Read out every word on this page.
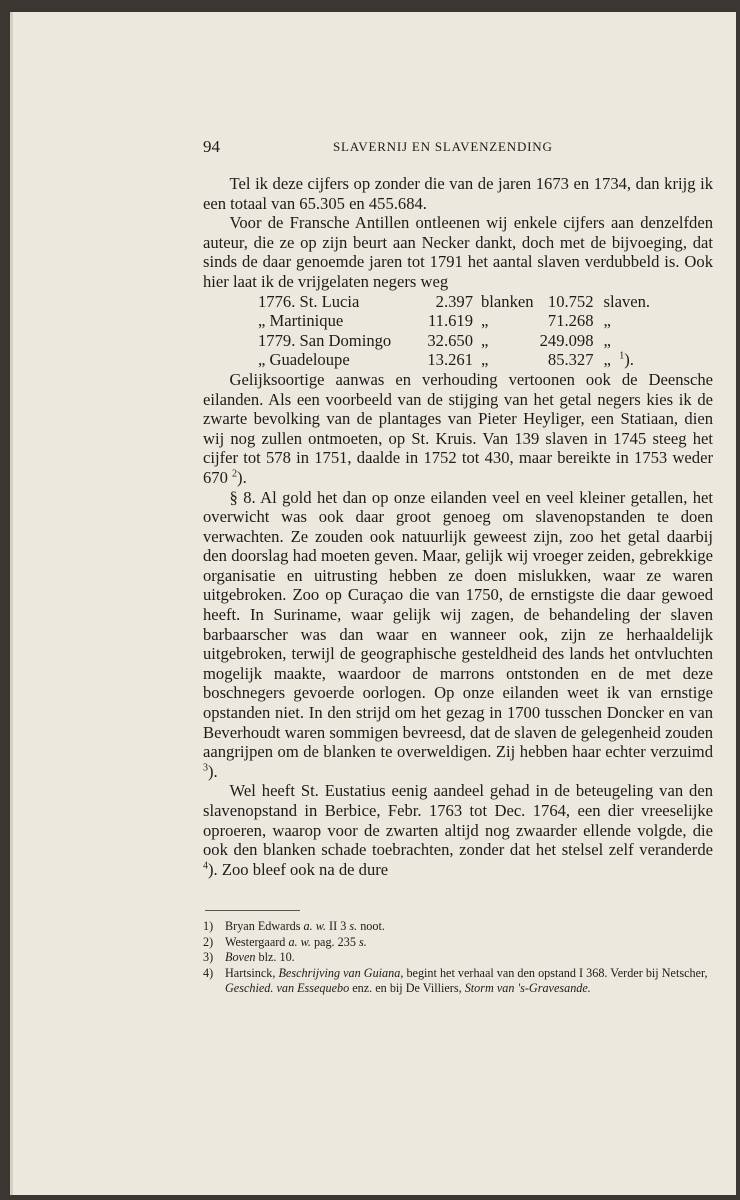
94	SLAVERNIJ EN SLAVENZENDING

Tel ik deze cijfers op zonder die van de jaren 1673 en 1734, dan krijg ik een totaal van 65.305 en 455.684.

Voor de Fransche Antillen ontleenen wij enkele cijfers aan denzelfden auteur, die ze op zijn beurt aan Necker dankt, doch met de bijvoeging, dat sinds de daar genoemde jaren tot 1791 het aantal slaven verdubbeld is. Ook hier laat ik de vrijgelaten negers weg

1776. St. Lucia	2.397	blanken	10.752	slaven.
„ Martinique	11.619	„	71.268	„
1779. San Domingo	32.650	„	249.098	„
„ Guadeloupe	13.261	„	85.327	„ $^1$).

Gelijksoortige aanwas en verhouding vertoonen ook de Deensche eilanden. Als een voorbeeld van de stijging van het getal negers kies ik de zwarte bevolking van de plantages van Pieter Heyliger, een Statiaan, dien wij nog zullen ontmoeten, op St. Kruis. Van 139 slaven in 1745 steeg het cijfer tot 578 in 1751, daalde in 1752 tot 430, maar bereikte in 1753 weder 670 $^2$).

§ 8. Al gold het dan op onze eilanden veel en veel kleiner getallen, het overwicht was ook daar groot genoeg om slavenopstanden te doen verwachten. Ze zouden ook natuurlijk geweest zijn, zoo het getal daarbij den doorslag had moeten geven. Maar, gelijk wij vroeger zeiden, gebrekkige organisatie en uitrusting hebben ze doen mislukken, waar ze waren uitgebroken. Zoo op Curaçao die van 1750, de ernstigste die daar gewoed heeft. In Suriname, waar gelijk wij zagen, de behandeling der slaven barbaarscher was dan waar en wanneer ook, zijn ze herhaaldelijk uitgebroken, terwijl de geographische gesteldheid des lands het ontvluchten mogelijk maakte, waardoor de marrons ontstonden en de met deze boschnegers gevoerde oorlogen. Op onze eilanden weet ik van ernstige opstanden niet. In den strijd om het gezag in 1700 tusschen Doncker en van Beverhoudt waren sommigen bevreesd, dat de slaven de gelegenheid zouden aangrijpen om de blanken te overweldigen. Zij hebben haar echter verzuimd $^3$).

Wel heeft St. Eustatius eenig aandeel gehad in de beteugeling van den slavenopstand in Berbice, Febr. 1763 tot Dec. 1764, een dier vreeselijke oproeren, waarop voor de zwarten altijd nog zwaarder ellende volgde, die ook den blanken schade toebrachten, zonder dat het stelsel zelf veranderde $^4$). Zoo bleef ook na de dure

1) Bryan Edwards a. w. II 3 s. noot.
2) Westergaard a. w. pag. 235 s.
3) Boven blz. 10.
4) Hartsinck, Beschrijving van Guiana, begint het verhaal van den opstand I 368. Verder bij Netscher, Geschied. van Essequebo enz. en bij De Villiers, Storm van 's-Gravesande.
